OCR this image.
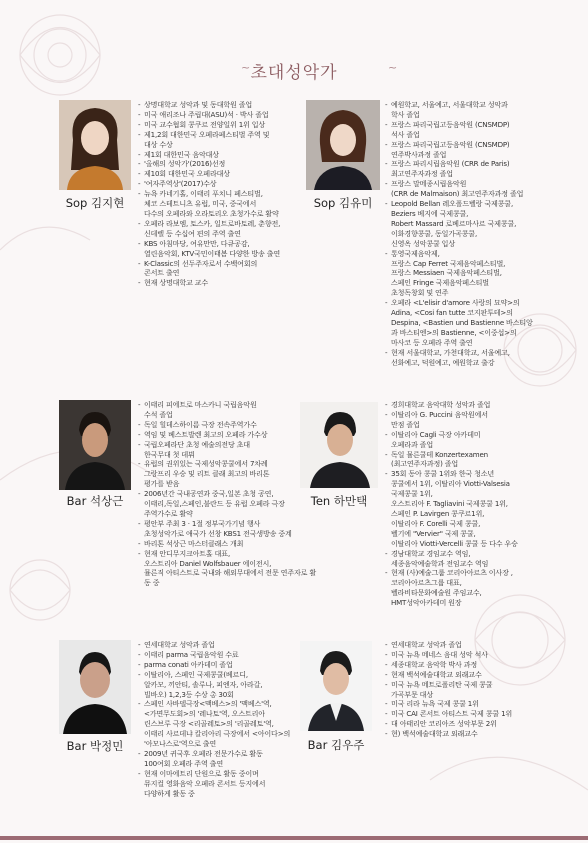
~ 초대성악가	~
Sop 김지현
- 상명대학교 성악과 및 동대학원 졸업
- 미국 애리조나 주립대(ASU)석 · 박사 졸업
- 미국 교수협회 콩쿠르 전양일위 1위 입상
- 제1,2회 대한민국 오페라페스티벌 주역 및
대상 수상
- 제1회 대한민국 음악대상
- '올해의 성악가'(2016)선정
- 제10회 대한민국 오페라대상
- '여자주역상'(2017)수상
- 뉴욕 카네기홀, 이태리 푸치니 페스티벌,
체코 스테트니츠 유럽, 미국, 중국에서
다수의 오페라와 오라토리오 초청가수로 활약
- 오페라 라보엠, 토스카, 일트로바토레, 춘향전,
신데렐 등 수십여 편의 주역 출연
- KBS 아침마당, 여유만만, 다큐공감,
열린음악회, KTV국민이태봄 다양한 방송 출연
- K-Classic의 선두주자로서 수백여회의
콘서트 출연
- 현재 상명대학교 교수
Sop 김유미
- 예원학교, 서울예고, 서울대학교 성악과
학사 졸업
- 프랑스 파리국립고등음악원 (CNSMDP)
석사 졸업
- 프랑스 파리국립고등음악원 (CNSMDP)
연주박사과정 졸업
- 프랑스 파리시립음악원 (CRR de Paris)
최고연주자과정 졸업
- 프랑스 말메종시립음악원
(CRR de Malmaison) 최고연주자과정 졸업
- Leopold Bellan 레오폴드벨랑 국제콩쿨,
Beziers 베지에 국제콩쿨,
Robert Massard 로베르마사르 국제콩쿨,
이화경향콩쿨, 동일가곡콩쿨,
신영옥 성악콩쿨 입상
- 통영국제음악제,
프랑스 Cap Ferret 국제음악페스티벌,
프랑스 Messiaen 국제음악페스티벌,
스페인 Fringe 국제음악페스티벌
초청독창회 및 연주
- 오페라 <L'elisir d'amore 사랑의 묘약>의
Adina, <Cosi fan tutte 코지판투테>의
Despina, <Bastien und Bastienne 바스티앙
과 바스티엔>의 Bastienne, <이중섭>의
마사코 등 오페라 주역 출연
- 현재 서울대학교, 가천대학교, 서울예고,
선화예고, 덕원예고, 예원학교 출강
Bar 석상근
- 이태리 피에트로 마스카니 국립음악원
수석 졸업
- 독일 힐데스하이름 극장 전속주역가수
- 역임 및 베스트발렌 최고의 오페라 가수상
- 국립오페라단 초청 예술의전당 초대
한국무대 첫 데뷔
- 유럽의 권위있는 국제성악콩쿨에서 7차례
그랑프리 우승 및 리트 클래 최고의 바리톤
평가를 받음
- 2006년간 국내공연과 중국,일본 초청 공연,
이태리,독일,스페인,불란드 등 유럽 오페라 극장
주역가수로 활약
- 평안부 주최 3 · 1절 정부국가기념 행사
초청성악가로 애국가 선창 KBS1 전국생방송 중계
- 바리톤 석상근 마스터클래스 개최
- 현재 안디무지크아트홀 대표,
오스트리아 Daniel Wolfsbauer 에이전시,
뮬른직 아티스트로 국내와 해외무대에서 전문 연주자로 활동 중
Ten 하만택
- 경희대학교 음악대학 성악과 졸업
- 이탈리아 G. Puccini 음악원에서
만점 졸업
- 이탈리아 Cagli 극장 아카데미
오페라과 졸업
- 독일 뮬른쿨테 Konzertexamen
(최고연주자과정) 졸업
- 35회 동아 콩쿨 1위와 한국 청소년
콩쿨에서 1위, 이탈리아 Viotti-Valsesia
국제콩쿨 1위,
오스트리아 F. Tagliavini 국제콩쿨 1위,
스페인 P. Lavirgen 콩쿠르1위,
이탈리아 F. Corelli 국제 콩쿨,
벨기에 "Vervier" 국제 콩쿨,
이탈리아 Viotti-Vercelli 콩쿨 등 다수 우승
- 경남대학교 경임교수 역임,
세종음악예술학과 전임교수 역임
- 현재 (사)예술그룹 코리아아르츠 이사장 ,
코리아아르츠그룹 대표,
벨라비타문화예술원 주임교수,
HMT성악아카데미 원장
Bar 박정민
- 연세대학교 성악과 졸업
- 이태리 parma 국립음악원 수료
- parma conati 아카데미 졸업
- 이탈리아, 스페인 국제콩쿨(베르디,
알카모, 끼안티, 솔루나, 피엔자, 아라갈,
빌바오) 1,2,3등 수상 총 30회
- 스페인 사바델극장<맥베스>의 '맥베스'역,
<가면무도회>의 '레나토'역, 오스트리아
린스브루 극장 <리골레토>의 '리골레토'역,
이태리 사르데냐 칼리아리 극장에서 <아이다>의
'아모나스로'역으로 출연
- 2009년 귀국후 오페라 전문가수로 활동
100여회 오페라 주역 출연
- 현재 이마에트리 단원으로 활동 중이며
뮤지컬 영화음악 오페라 콘서트 등지에서
다양하게 활동 중
Bar 김우주
- 연세대학교 성악과 졸업
- 미국 뉴욕 메네스 음대 성악 석사
- 세종대학교 음악학 박사 과정
- 현재 백석예술대학교 외래교수
- 미국 뉴욕 메트로폴리탄 국제 콩쿨
가곡부문 대상
- 미국 리라 뉴욕 국제 콩쿨 1위
- 미국 CAI 콘서트 아티스트 국제 콩쿨 1위
- 대 아태리안 코리아즈 성악부문 2위
- 현) 백석예술대학교 외래교수
